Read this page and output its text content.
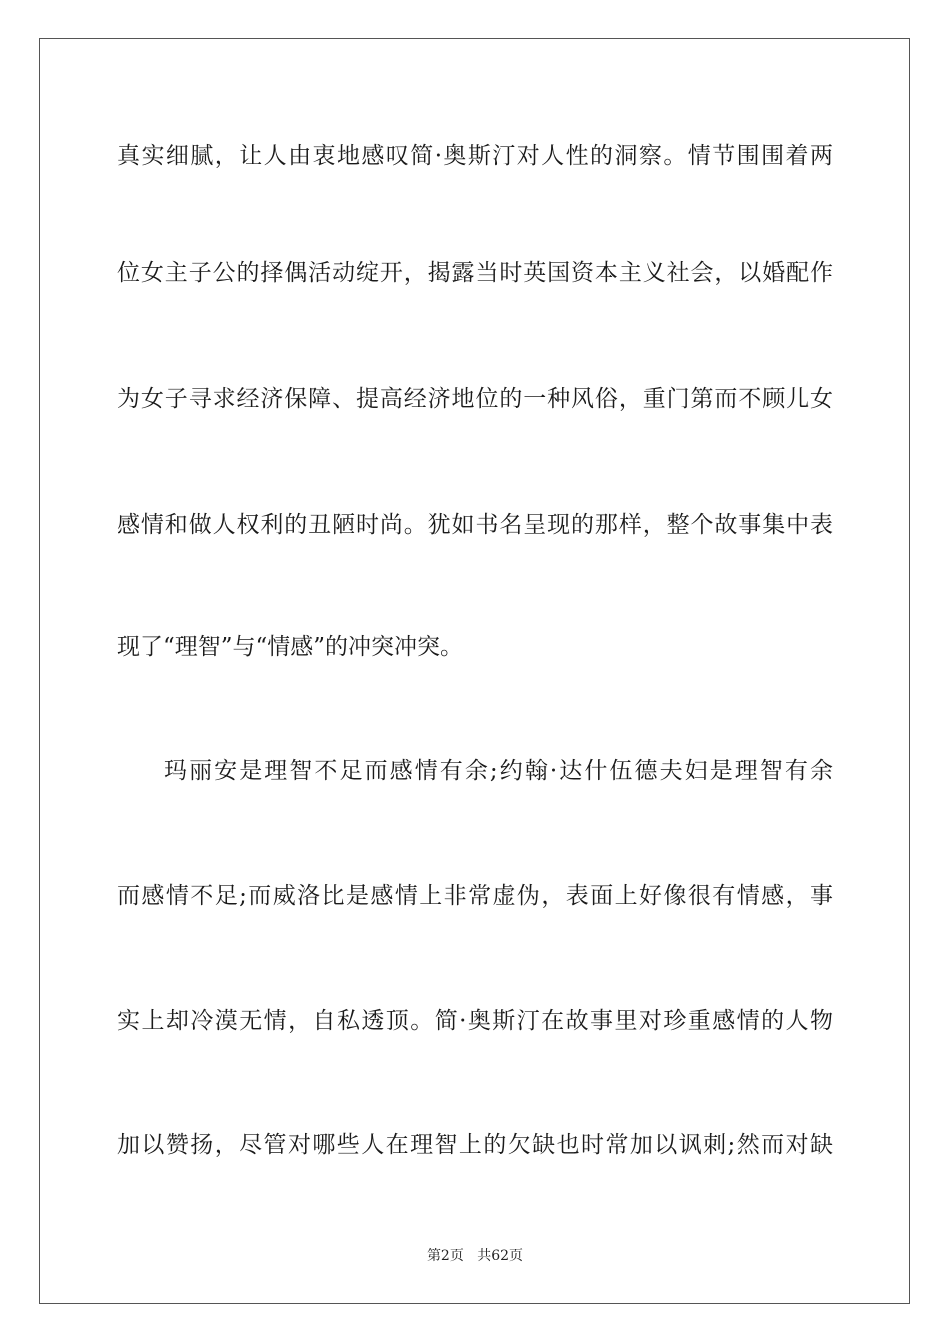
真实细腻，让人由衷地感叹简·奥斯汀对人性的洞察。情节围围着两
位女主子公的择偶活动绽开，揭露当时英国资本主义社会，以婚配作
为女子寻求经济保障、提高经济地位的一种风俗，重门第而不顾儿女
感情和做人权利的丑陋时尚。犹如书名呈现的那样，整个故事集中表
现了“理智”与“情感”的冲突冲突。
玛丽安是理智不足而感情有余;约翰·达什伍德夫妇是理智有余
而感情不足;而威洛比是感情上非常虚伪，表面上好像很有情感，事
实上却冷漠无情，自私透顶。简·奥斯汀在故事里对珍重感情的人物
加以赞扬，尽管对哪些人在理智上的欠缺也时常加以讽刺;然而对缺
第2页 共62页
